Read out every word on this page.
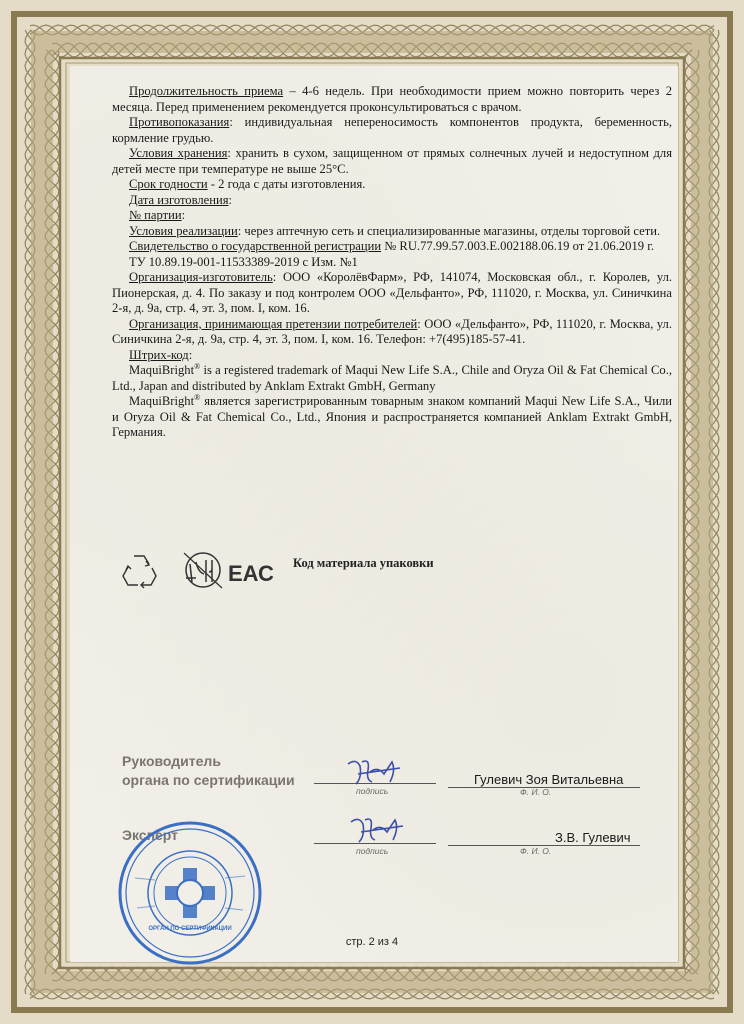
Продолжительность приема – 4-6 недель. При необходимости прием можно повторить через 2 месяца. Перед применением рекомендуется проконсультироваться с врачом.

Противопоказания: индивидуальная непереносимость компонентов продукта, беременность, кормление грудью.

Условия хранения: хранить в сухом, защищенном от прямых солнечных лучей и недоступном для детей месте при температуре не выше 25°С.

Срок годности - 2 года с даты изготовления.

Дата изготовления:

№ партии:

Условия реализации: через аптечную сеть и специализированные магазины, отделы торговой сети.

Свидетельство о государственной регистрации № RU.77.99.57.003.Е.002188.06.19 от 21.06.2019 г.

ТУ 10.89.19-001-11533389-2019 с Изм. №1

Организация-изготовитель: ООО «КоролёвФарм», РФ, 141074, Московская обл., г. Королев, ул. Пионерская, д. 4. По заказу и под контролем ООО «Дельфанто», РФ, 111020, г. Москва, ул. Синичкина 2-я, д. 9а, стр. 4, эт. 3, пом. I, ком. 16.

Организация, принимающая претензии потребителей: ООО «Дельфанто», РФ, 111020, г. Москва, ул. Синичкина 2-я, д. 9а, стр. 4, эт. 3, пом. I, ком. 16. Телефон: +7(495)185-57-41.

Штрих-код:

MaquiBright® is a registered trademark of Maqui New Life S.A., Chile and Oryza Oil & Fat Chemical Co., Ltd., Japan and distributed by Anklam Extrakt GmbH, Germany

MaquiBright® является зарегистрированным товарным знаком компаний Maqui New Life S.A., Чили и Oryza Oil & Fat Chemical Co., Ltd., Япония и распространяется компанией Anklam Extrakt GmbH, Германия.

ЕАС Код материала упаковки
Руководитель
органа по сертификации
подпись	Ф. И. О.
Гулевич Зоя Витальевна
Эксперт
подпись	Ф. И. О.
З.В. Гулевич
ОРГАН ПО СЕРТИФИКАЦИИ
стр. 2 из 4
